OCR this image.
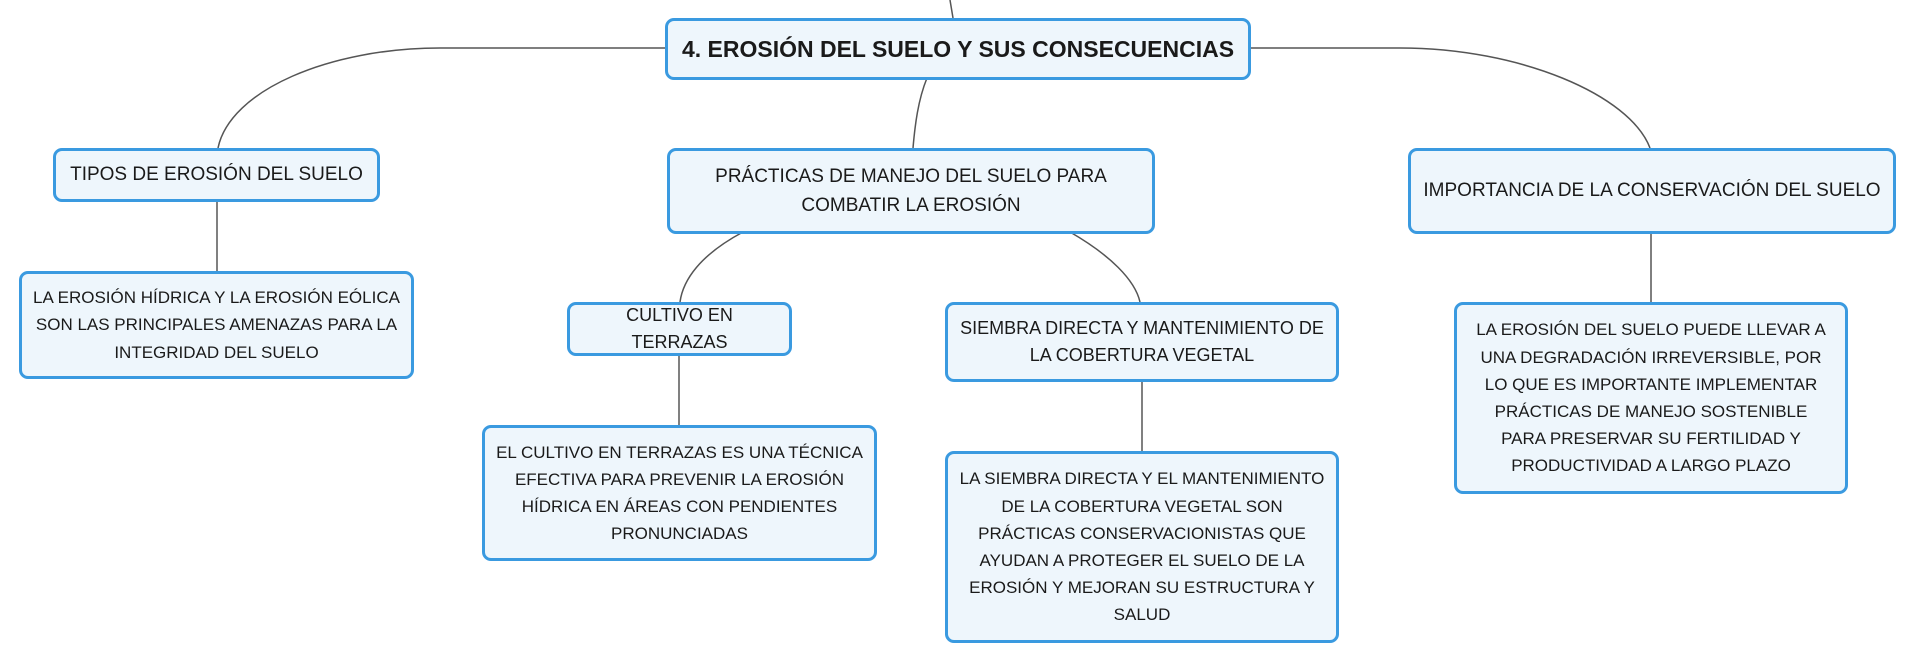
4. EROSIÓN DEL SUELO Y SUS CONSECUENCIAS
TIPOS DE EROSIÓN DEL SUELO	PRÁCTICAS DE MANEJO DEL SUELO PARA COMBATIR LA EROSIÓN
IMPORTANCIA DE LA CONSERVACIÓN DEL SUELO
LA EROSIÓN HÍDRICA Y LA EROSIÓN EÓLICA SON LAS PRINCIPALES AMENAZAS PARA LA INTEGRIDAD DEL SUELO
CULTIVO EN TERRAZAS
SIEMBRA DIRECTA Y MANTENIMIENTO DE LA COBERTURA VEGETAL
EL CULTIVO EN TERRAZAS ES UNA TÉCNICA EFECTIVA PARA PREVENIR LA EROSIÓN HÍDRICA EN ÁREAS CON PENDIENTES PRONUNCIADAS
LA SIEMBRA DIRECTA Y EL MANTENIMIENTO DE LA COBERTURA VEGETAL SON PRÁCTICAS CONSERVACIONISTAS QUE AYUDAN A PROTEGER EL SUELO DE LA EROSIÓN Y MEJORAN SU ESTRUCTURA Y SALUD
LA EROSIÓN DEL SUELO PUEDE LLEVAR A UNA DEGRADACIÓN IRREVERSIBLE, POR LO QUE ES IMPORTANTE IMPLEMENTAR PRÁCTICAS DE MANEJO SOSTENIBLE PARA PRESERVAR SU FERTILIDAD Y PRODUCTIVIDAD A LARGO PLAZO
